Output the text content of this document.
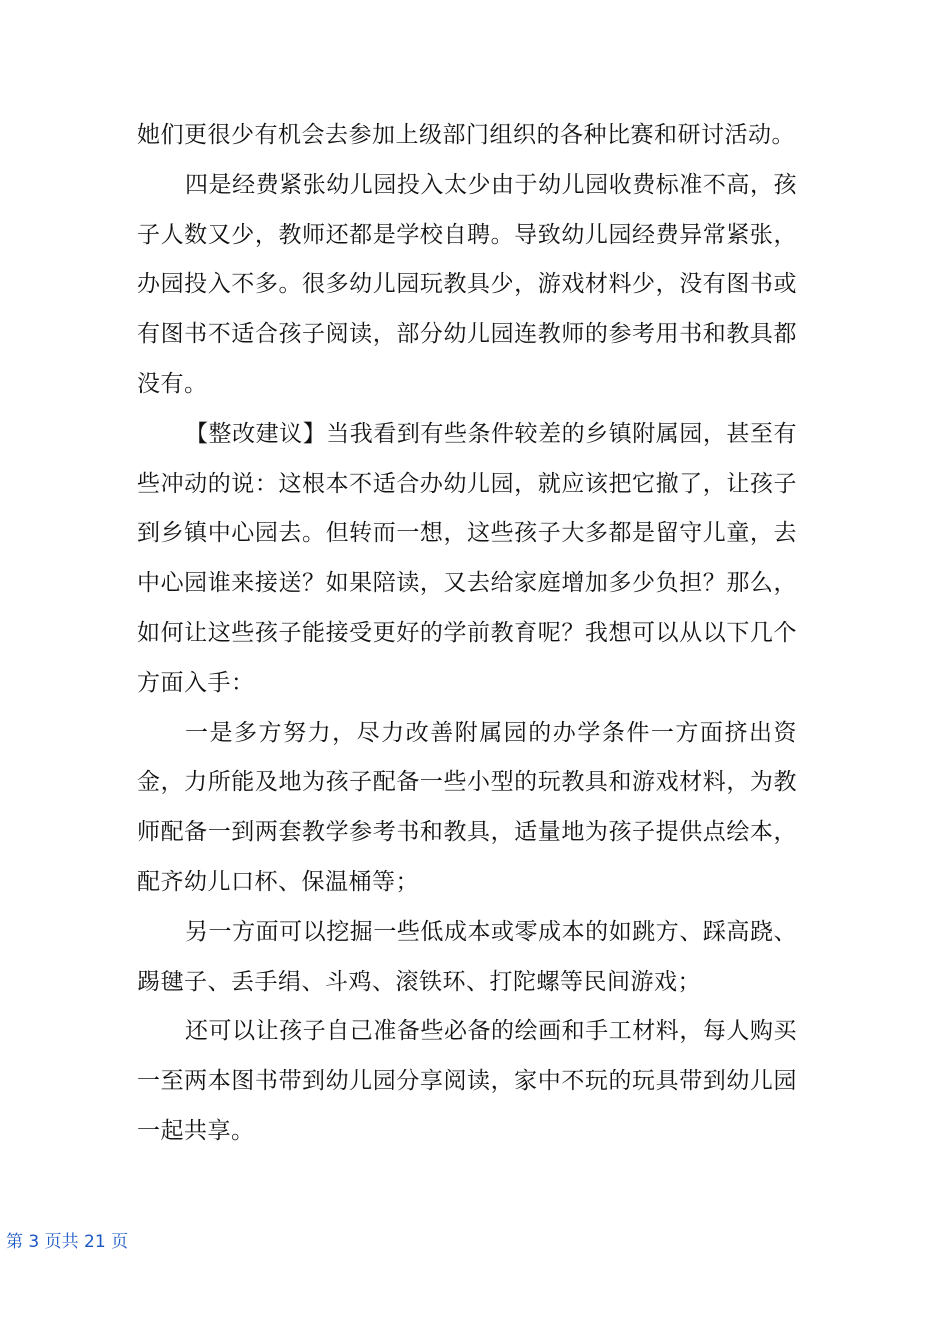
她们更很少有机会去参加上级部门组织的各种比赛和研讨活动。

四是经费紧张幼儿园投入太少由于幼儿园收费标准不高，孩子人数又少，教师还都是学校自聘。导致幼儿园经费异常紧张，办园投入不多。很多幼儿园玩教具少，游戏材料少，没有图书或有图书不适合孩子阅读，部分幼儿园连教师的参考用书和教具都没有。

【整改建议】当我看到有些条件较差的乡镇附属园，甚至有些冲动的说：这根本不适合办幼儿园，就应该把它撤了，让孩子到乡镇中心园去。但转而一想，这些孩子大多都是留守儿童，去中心园谁来接送？如果陪读，又去给家庭增加多少负担？那么，如何让这些孩子能接受更好的学前教育呢？我想可以从以下几个方面入手：

一是多方努力，尽力改善附属园的办学条件一方面挤出资金，力所能及地为孩子配备一些小型的玩教具和游戏材料，为教师配备一到两套教学参考书和教具，适量地为孩子提供点绘本，配齐幼儿口杯、保温桶等；

另一方面可以挖掘一些低成本或零成本的如跳方、踩高跷、踢毽子、丢手绢、斗鸡、滚铁环、打陀螺等民间游戏；

还可以让孩子自己准备些必备的绘画和手工材料，每人购买一至两本图书带到幼儿园分享阅读，家中不玩的玩具带到幼儿园一起共享。

第 3 页共 21 页
